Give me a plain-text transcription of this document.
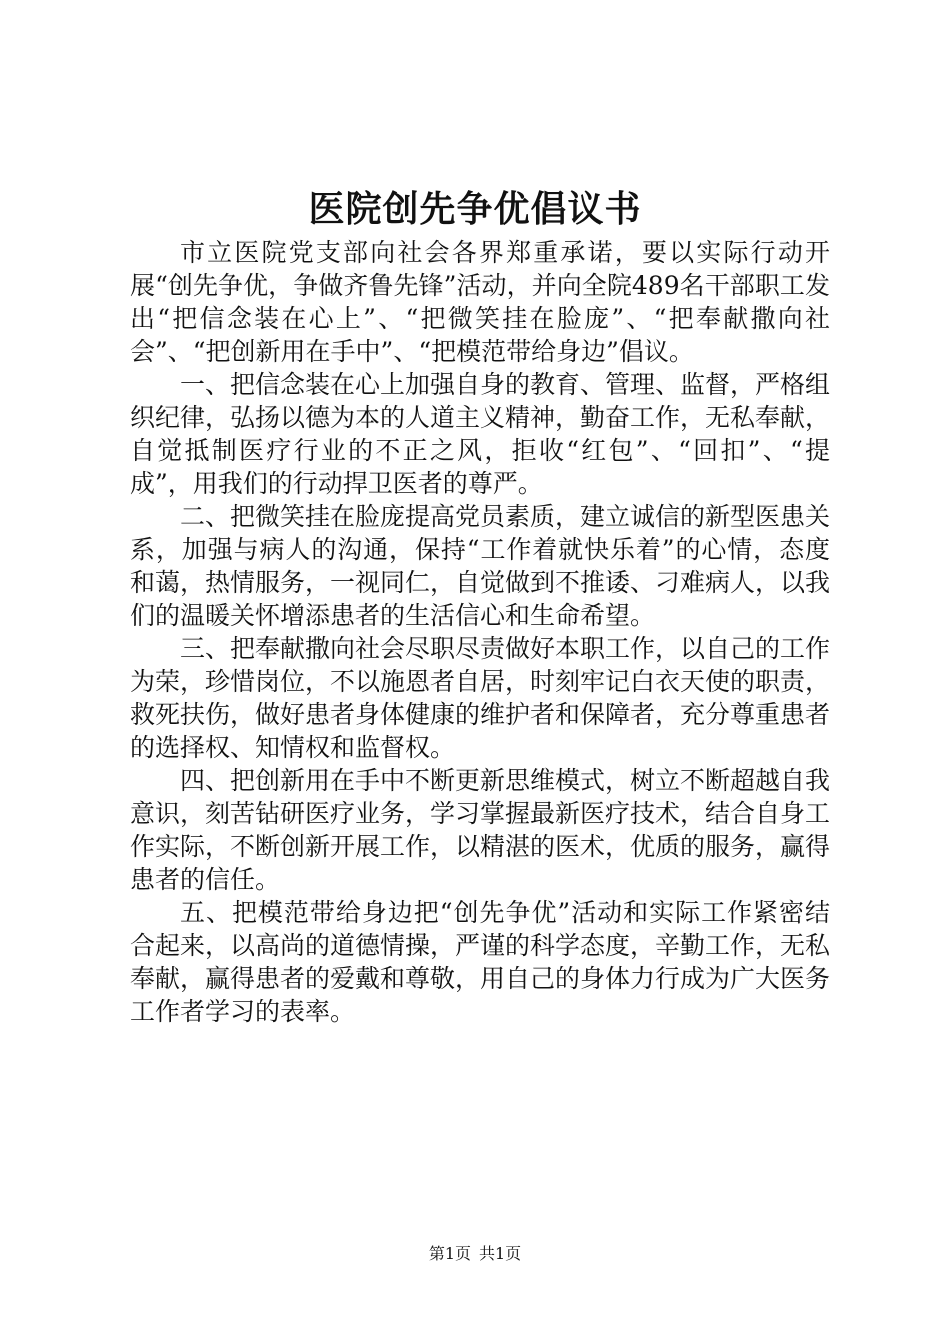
医院创先争优倡议书

市立医院党支部向社会各界郑重承诺，要以实际行动开展“创先争优，争做齐鲁先锋”活动，并向全院489名干部职工发出“把信念装在心上”、“把微笑挂在脸庞”、“把奉献撒向社会”、“把创新用在手中”、“把模范带给身边”倡议。

一、把信念装在心上加强自身的教育、管理、监督，严格组织纪律，弘扬以德为本的人道主义精神，勤奋工作，无私奉献，自觉抵制医疗行业的不正之风，拒收“红包”、“回扣”、“提成”，用我们的行动捍卫医者的尊严。

二、把微笑挂在脸庞提高党员素质，建立诚信的新型医患关系，加强与病人的沟通，保持“工作着就快乐着”的心情，态度和蔼，热情服务，一视同仁，自觉做到不推诿、刁难病人，以我们的温暖关怀增添患者的生活信心和生命希望。

三、把奉献撒向社会尽职尽责做好本职工作，以自己的工作为荣，珍惜岗位，不以施恩者自居，时刻牢记白衣天使的职责，救死扶伤，做好患者身体健康的维护者和保障者，充分尊重患者的选择权、知情权和监督权。

四、把创新用在手中不断更新思维模式，树立不断超越自我意识，刻苦钻研医疗业务，学习掌握最新医疗技术，结合自身工作实际，不断创新开展工作，以精湛的医术，优质的服务，赢得患者的信任。

五、把模范带给身边把“创先争优”活动和实际工作紧密结合起来，以高尚的道德情操，严谨的科学态度，辛勤工作，无私奉献，赢得患者的爱戴和尊敬，用自己的身体力行成为广大医务工作者学习的表率。

第1页 共1页
